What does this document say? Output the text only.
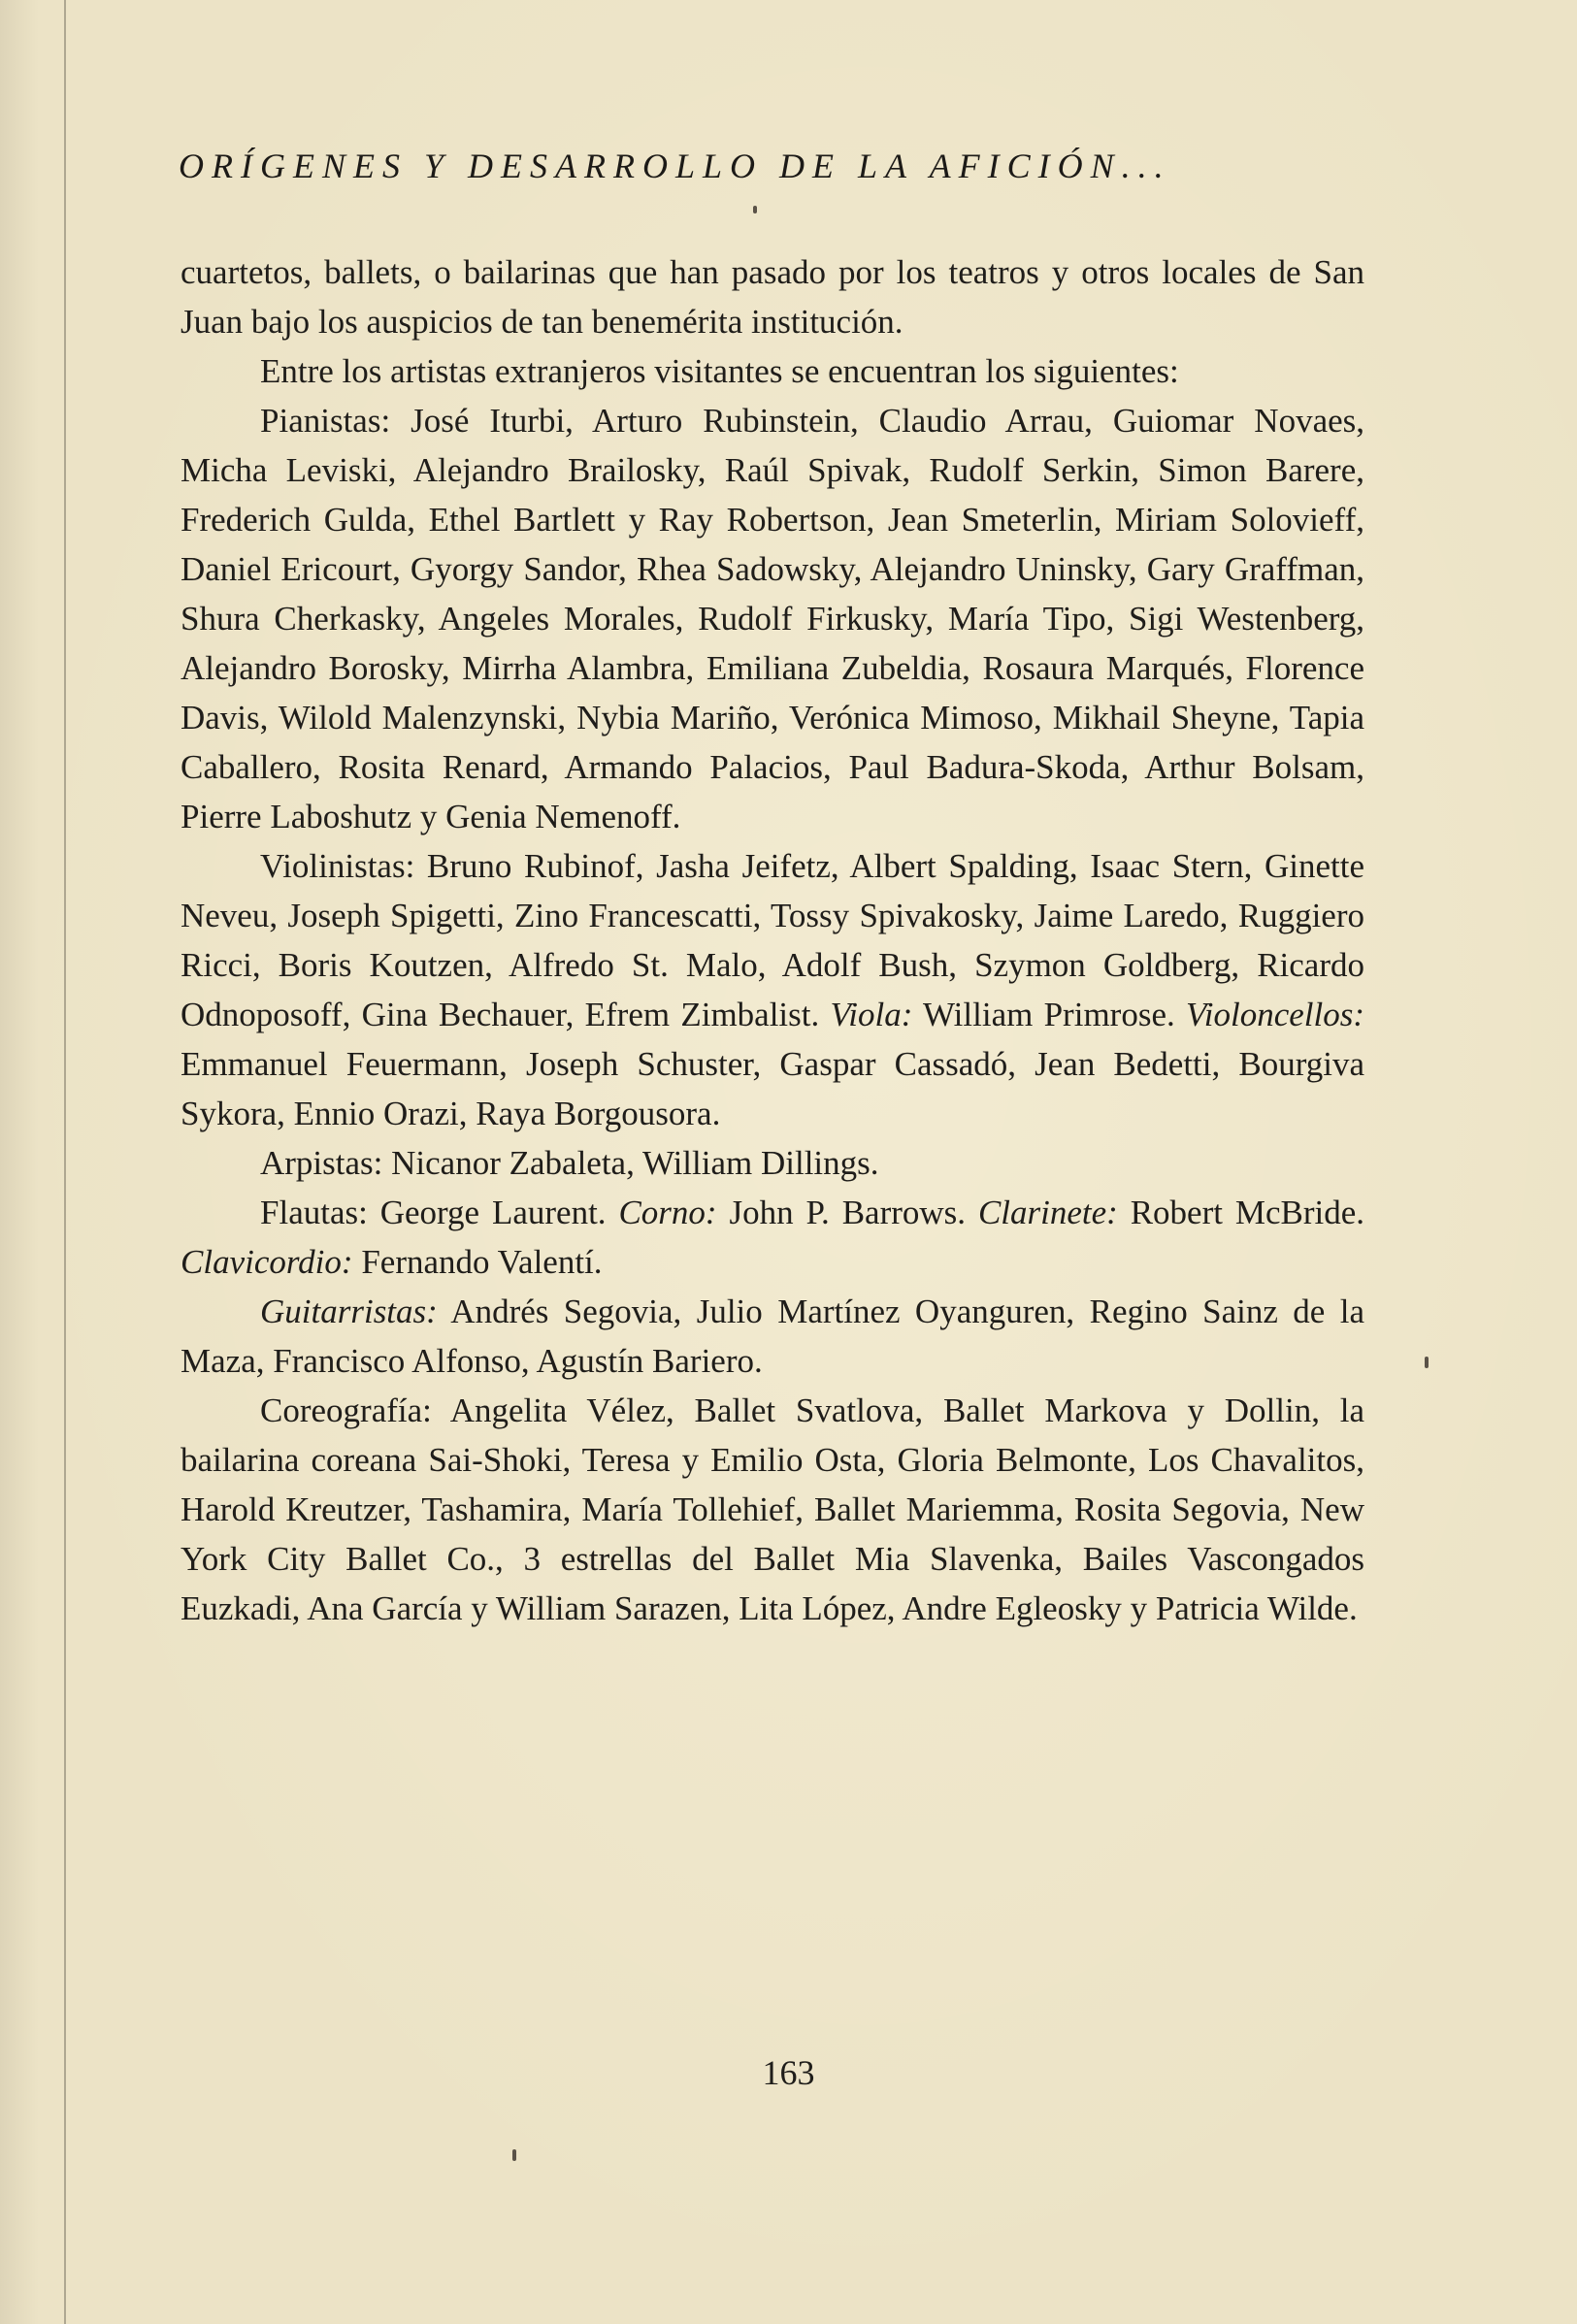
ORÍGENES Y DESARROLLO DE LA AFICIÓN...

cuartetos, ballets, o bailarinas que han pasado por los teatros y otros locales de San Juan bajo los auspicios de tan benemérita institución.

Entre los artistas extranjeros visitantes se encuentran los siguientes:

Pianistas: José Iturbi, Arturo Rubinstein, Claudio Arrau, Guiomar Novaes, Micha Leviski, Alejandro Brailosky, Raúl Spivak, Rudolf Serkin, Simon Barere, Frederich Gulda, Ethel Bartlett y Ray Robertson, Jean Smeterlin, Miriam Solovieff, Daniel Ericourt, Gyorgy Sandor, Rhea Sadowsky, Alejandro Uninsky, Gary Graffman, Shura Cherkasky, Angeles Morales, Rudolf Firkusky, María Tipo, Sigi Westenberg, Alejandro Borosky, Mirrha Alambra, Emiliana Zubeldia, Rosaura Marqués, Florence Davis, Wilold Malenzynski, Nybia Mariño, Verónica Mimoso, Mikhail Sheyne, Tapia Caballero, Rosita Renard, Armando Palacios, Paul Badura-Skoda, Arthur Bolsam, Pierre Laboshutz y Genia Nemenoff.

Violinistas: Bruno Rubinof, Jasha Jeifetz, Albert Spalding, Isaac Stern, Ginette Neveu, Joseph Spigetti, Zino Francescatti, Tossy Spivakosky, Jaime Laredo, Ruggiero Ricci, Boris Koutzen, Alfredo St. Malo, Adolf Bush, Szymon Goldberg, Ricardo Odnoposoff, Gina Bechauer, Efrem Zimbalist. Viola: William Primrose. Violoncellos: Emmanuel Feuermann, Joseph Schuster, Gaspar Cassadó, Jean Bedetti, Bourgiva Sykora, Ennio Orazi, Raya Borgousora.

Arpistas: Nicanor Zabaleta, William Dillings.

Flautas: George Laurent. Corno: John P. Barrows. Clarinete: Robert McBride. Clavicordio: Fernando Valentí.

Guitarristas: Andrés Segovia, Julio Martínez Oyanguren, Regino Sainz de la Maza, Francisco Alfonso, Agustín Bariero.

Coreografía: Angelita Vélez, Ballet Svatlova, Ballet Markova y Dollin, la bailarina coreana Sai-Shoki, Teresa y Emilio Osta, Gloria Belmonte, Los Chavalitos, Harold Kreutzer, Tashamira, María Tollehief, Ballet Mariemma, Rosita Segovia, New York City Ballet Co., 3 estrellas del Ballet Mia Slavenka, Bailes Vascongados Euzkadi, Ana García y William Sarazen, Lita López, Andre Egleosky y Patricia Wilde.

163
